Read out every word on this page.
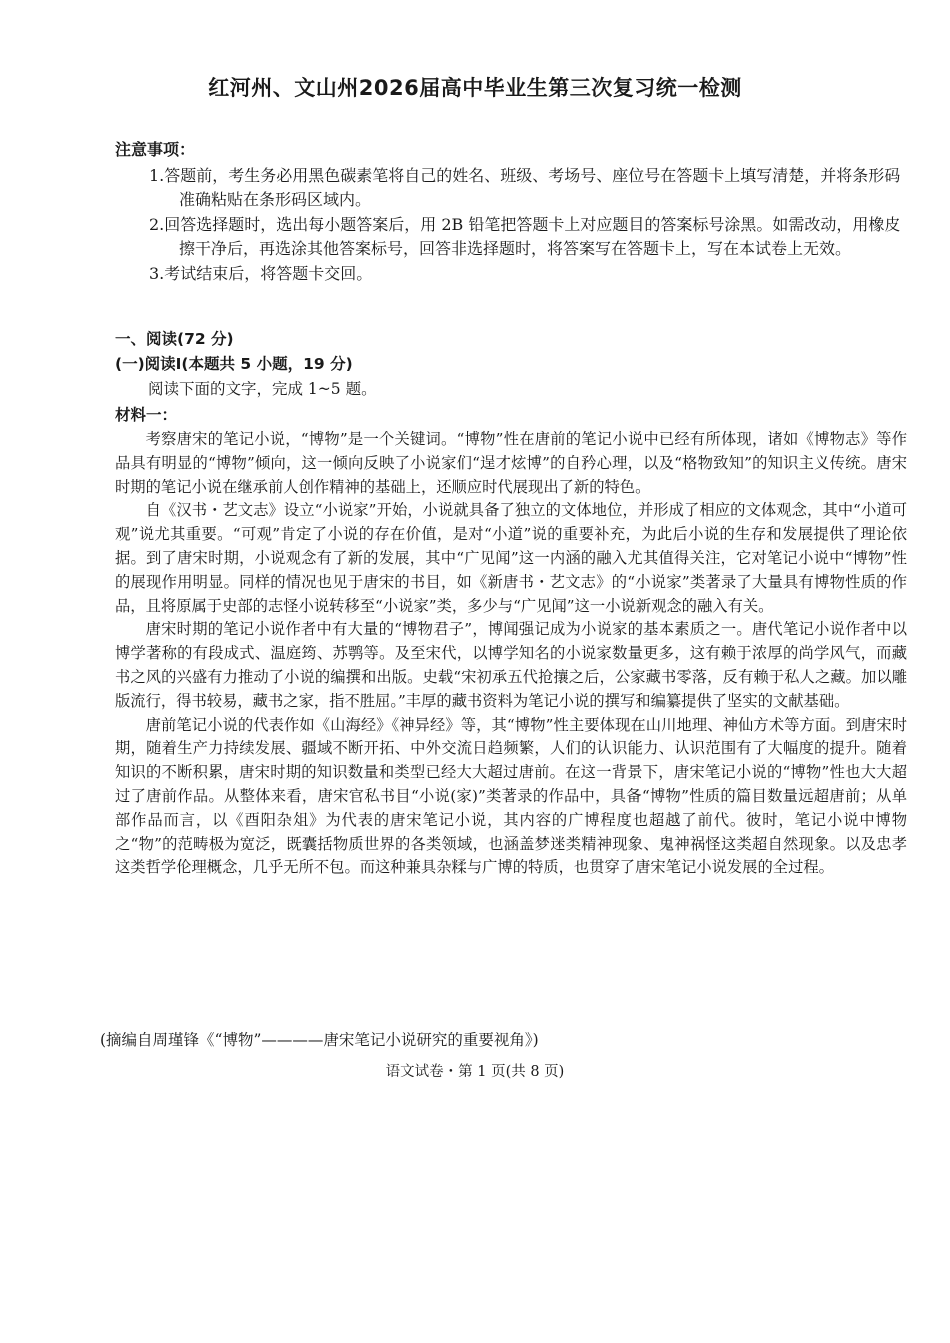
红河州、文山州2026届高中毕业生第三次复习统一检测
注意事项：
1.答题前，考生务必用黑色碳素笔将自己的姓名、班级、考场号、座位号在答题卡上填写清楚，并将条形码准确粘贴在条形码区域内。
2.回答选择题时，选出每小题答案后，用 2B 铅笔把答题卡上对应题目的答案标号涂黑。如需改动，用橡皮擦干净后，再选涂其他答案标号，回答非选择题时，将答案写在答题卡上，写在本试卷上无效。
3.考试结束后，将答题卡交回。
一、阅读(72 分)
(一)阅读Ⅰ(本题共 5 小题，19 分)
阅读下面的文字，完成 1~5 题。
材料一：

考察唐宋的笔记小说，“博物”是一个关键词。“博物”性在唐前的笔记小说中已经有所体现，诸如《博物志》等作品具有明显的“博物”倾向，这一倾向反映了小说家们“逞才炫博”的自矜心理，以及“格物致知”的知识主义传统。唐宋时期的笔记小说在继承前人创作精神的基础上，还顺应时代展现出了新的特色。

自《汉书・艺文志》设立“小说家”开始，小说就具备了独立的文体地位，并形成了相应的文体观念，其中“小道可观”说尤其重要。“可观”肯定了小说的存在价值，是对“小道”说的重要补充，为此后小说的生存和发展提供了理论依据。到了唐宋时期，小说观念有了新的发展，其中“广见闻”这一内涵的融入尤其值得关注，它对笔记小说中“博物”性的展现作用明显。同样的情况也见于唐宋的书目，如《新唐书・艺文志》的“小说家”类著录了大量具有博物性质的作品，且将原属于史部的志怪小说转移至“小说家”类，多少与“广见闻”这一小说新观念的融入有关。

唐宋时期的笔记小说作者中有大量的“博物君子”，博闻强记成为小说家的基本素质之一。唐代笔记小说作者中以博学著称的有段成式、温庭筠、苏鹗等。及至宋代，以博学知名的小说家数量更多，这有赖于浓厚的尚学风气，而藏书之风的兴盛有力推动了小说的编撰和出版。史载“宋初承五代抢攘之后，公家藏书零落，反有赖于私人之藏。加以雕版流行，得书较易，藏书之家，指不胜屈。”丰厚的藏书资料为笔记小说的撰写和编纂提供了坚实的文献基础。

唐前笔记小说的代表作如《山海经》《神异经》等，其“博物”性主要体现在山川地理、神仙方术等方面。到唐宋时期，随着生产力持续发展、疆域不断开拓、中外交流日趋频繁，人们的认识能力、认识范围有了大幅度的提升。随着知识的不断积累，唐宋时期的知识数量和类型已经大大超过唐前。在这一背景下，唐宋笔记小说的“博物”性也大大超过了唐前作品。从整体来看，唐宋官私书目“小说(家)”类著录的作品中，具备“博物”性质的篇目数量远超唐前；从单部作品而言，以《酉阳杂俎》为代表的唐宋笔记小说，其内容的广博程度也超越了前代。彼时，笔记小说中博物之“物”的范畴极为宽泛，既囊括物质世界的各类领域，也涵盖梦迷类精神现象、鬼神祸怪这类超自然现象。以及忠孝这类哲学伦理概念，几乎无所不包。而这种兼具杂糅与广博的特质，也贯穿了唐宋笔记小说发展的全过程。

(摘编自周瑾锋《“博物”————唐宋笔记小说研究的重要视角》)
语文试卷・第 1 页(共 8 页)
